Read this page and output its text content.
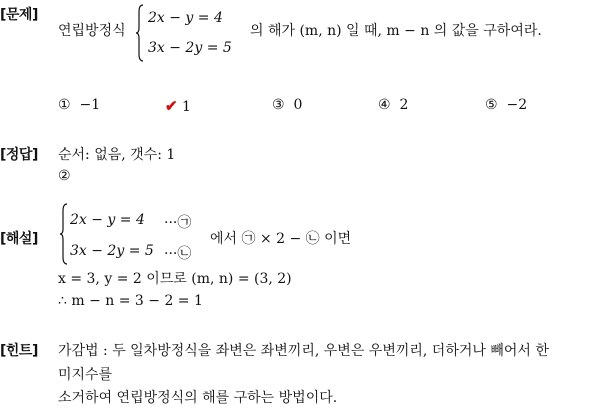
[문제]
연립방정식
2x − y = 4
3x − 2y = 5
의 해가 (m, n) 일 때, m − n 의 값을 구하여라.
① −1	✔ 1	③ 0	④ 2	⑤ −2
[정답] 순서: 없음, 갯수: 1
②
[해설]
2x − y = 4 ···㉠
3x − 2y = 5 ···㉡
에서 ㉠ × 2 − ㉡ 이면
x = 3, y = 2 이므로 (m, n) = (3, 2)
∴ m − n = 3 − 2 = 1
[힌트] 가감법 : 두 일차방정식을 좌변은 좌변끼리, 우변은 우변끼리, 더하거나 빼어서 한
미지수를
소거하여 연립방정식의 해를 구하는 방법이다.
